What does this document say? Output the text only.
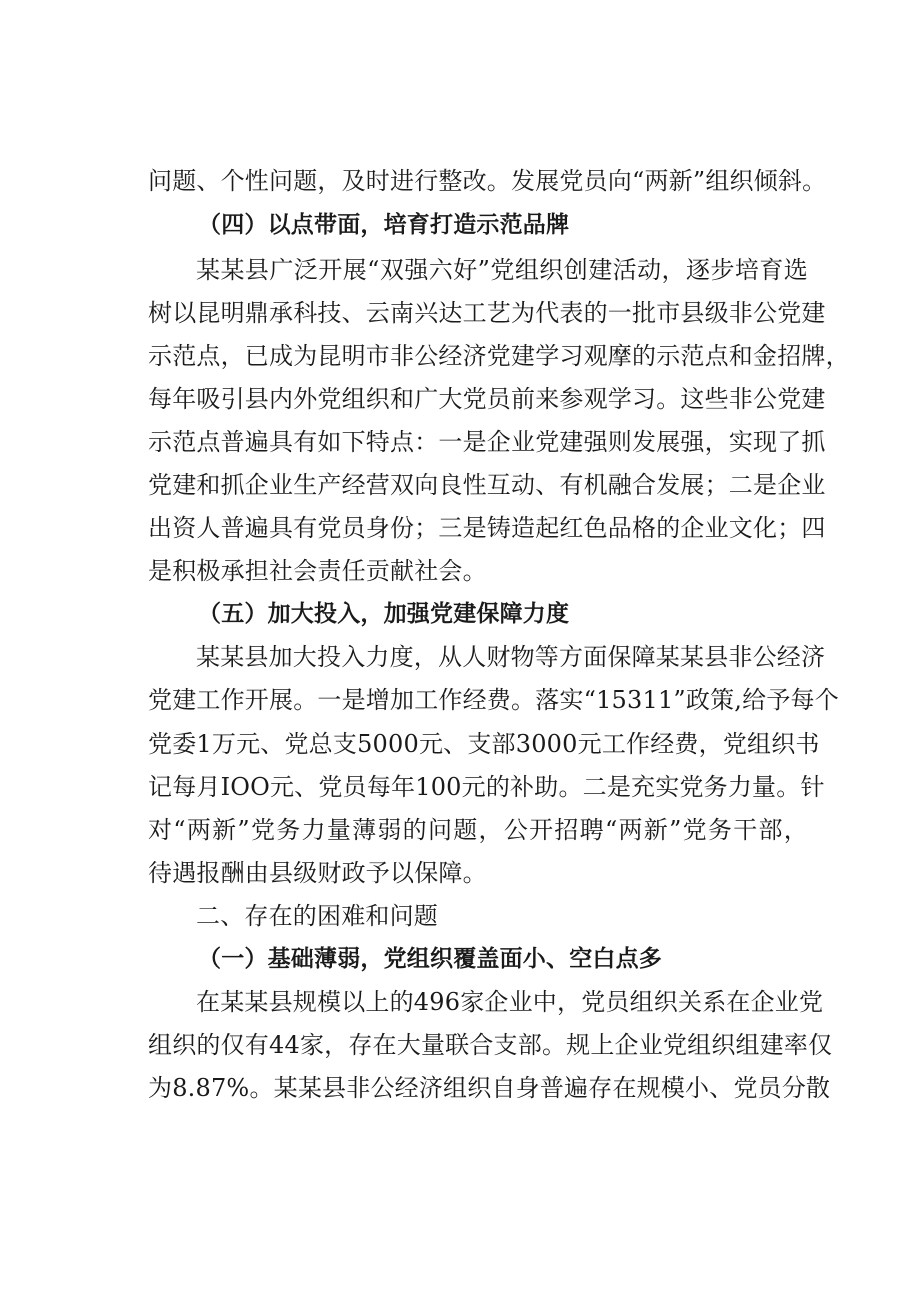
问题、个性问题，及时进行整改。发展党员向“两新”组织倾斜。
（四）以点带面，培育打造示范品牌
某某县广泛开展“双强六好”党组织创建活动，逐步培育选
树以昆明鼎承科技、云南兴达工艺为代表的一批市县级非公党建
示范点，已成为昆明市非公经济党建学习观摩的示范点和金招牌，
每年吸引县内外党组织和广大党员前来参观学习。这些非公党建
示范点普遍具有如下特点：一是企业党建强则发展强，实现了抓
党建和抓企业生产经营双向良性互动、有机融合发展；二是企业
出资人普遍具有党员身份；三是铸造起红色品格的企业文化；四
是积极承担社会责任贡献社会。
（五）加大投入，加强党建保障力度
某某县加大投入力度，从人财物等方面保障某某县非公经济
党建工作开展。一是增加工作经费。落实“15311”政策,给予每个
党委1万元、党总支5000元、支部3000元工作经费，党组织书
记每月IOO元、党员每年100元的补助。二是充实党务力量。针
对“两新”党务力量薄弱的问题，公开招聘“两新”党务干部，
待遇报酬由县级财政予以保障。
二、存在的困难和问题
（一）基础薄弱，党组织覆盖面小、空白点多
在某某县规模以上的496家企业中，党员组织关系在企业党
组织的仅有44家，存在大量联合支部。规上企业党组织组建率仅
为8.87%。某某县非公经济组织自身普遍存在规模小、党员分散
